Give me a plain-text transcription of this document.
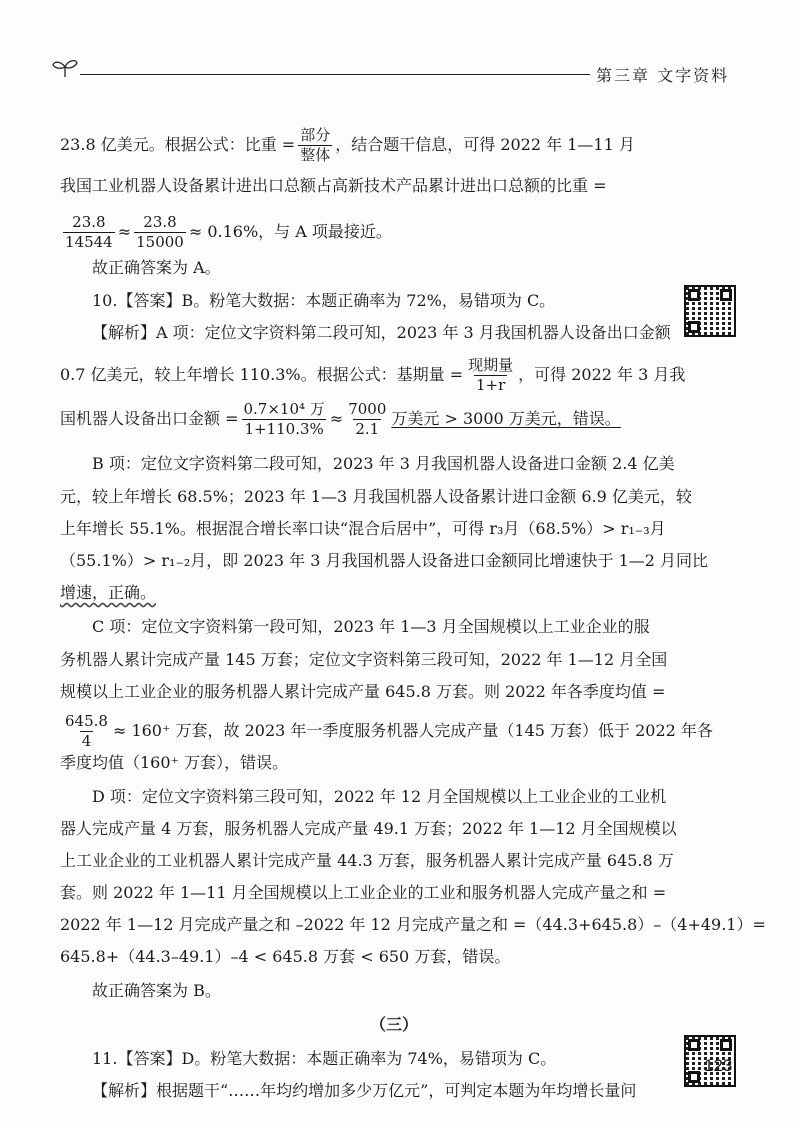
第三章 文字资料
23.8 亿美元。根据公式：比重 = $\frac{\text{部分}}{\text{整体}}$ ，结合题干信息，可得 2022 年 1—11 月
我国工业机器人设备累计进出口总额占高新技术产品累计进出口总额的比重 =
$\frac{23.8}{14544} \approx \frac{23.8}{15000} \approx 0.16\%$，与 A 项最接近。
故正确答案为 A。
10.【答案】B。粉笔大数据：本题正确率为 72%，易错项为 C。
【解析】A 项：定位文字资料第二段可知，2023 年 3 月我国机器人设备出口金额
0.7 亿美元，较上年增长 110.3%。根据公式：基期量 = $\frac{\text{现期量}}{1+r}$ ，可得 2022 年 3 月我
国机器人设备出口金额 = $\frac{\text{0.7×10⁴ 万}}{1+110.3\%} \approx \frac{7000}{2.1}$ 万美元 > 3000 万美元，错误。
B 项：定位文字资料第二段可知，2023 年 3 月我国机器人设备进口金额 2.4 亿美
元，较上年增长 68.5%；2023 年 1—3 月我国机器人设备累计进口金额 6.9 亿美元，较
上年增长 55.1%。根据混合增长率口诀“混合后居中”，可得 r₃月（68.5%）> r₁₋₃月
（55.1%）> r₁₋₂月，即 2023 年 3 月我国机器人设备进口金额同比增速快于 1—2 月同比
增速，正确。
C 项：定位文字资料第一段可知，2023 年 1—3 月全国规模以上工业企业的服
务机器人累计完成产量 145 万套；定位文字资料第三段可知，2022 年 1—12 月全国
规模以上工业企业的服务机器人累计完成产量 645.8 万套。则 2022 年各季度均值 =
$\frac{645.8}{4} \approx 160^+$ 万套，故 2023 年一季度服务机器人完成产量（145 万套）低于 2022 年各
季度均值（160⁺ 万套），错误。
D 项：定位文字资料第三段可知，2022 年 12 月全国规模以上工业企业的工业机
器人完成产量 4 万套，服务机器人完成产量 49.1 万套；2022 年 1—12 月全国规模以
上工业企业的工业机器人累计完成产量 44.3 万套，服务机器人累计完成产量 645.8 万
套。则 2022 年 1—11 月全国规模以上工业企业的工业和服务机器人完成产量之和 =
2022 年 1—12 月完成产量之和 –2022 年 12 月完成产量之和 =（44.3+645.8）–（4+49.1）=
645.8+（44.3–49.1）–4 < 645.8 万套 < 650 万套，错误。
故正确答案为 B。
（三）
11.【答案】D。粉笔大数据：本题正确率为 74%，易错项为 C。
【解析】根据题干“……年均约增加多少万亿元”，可判定本题为年均增长量问
123
